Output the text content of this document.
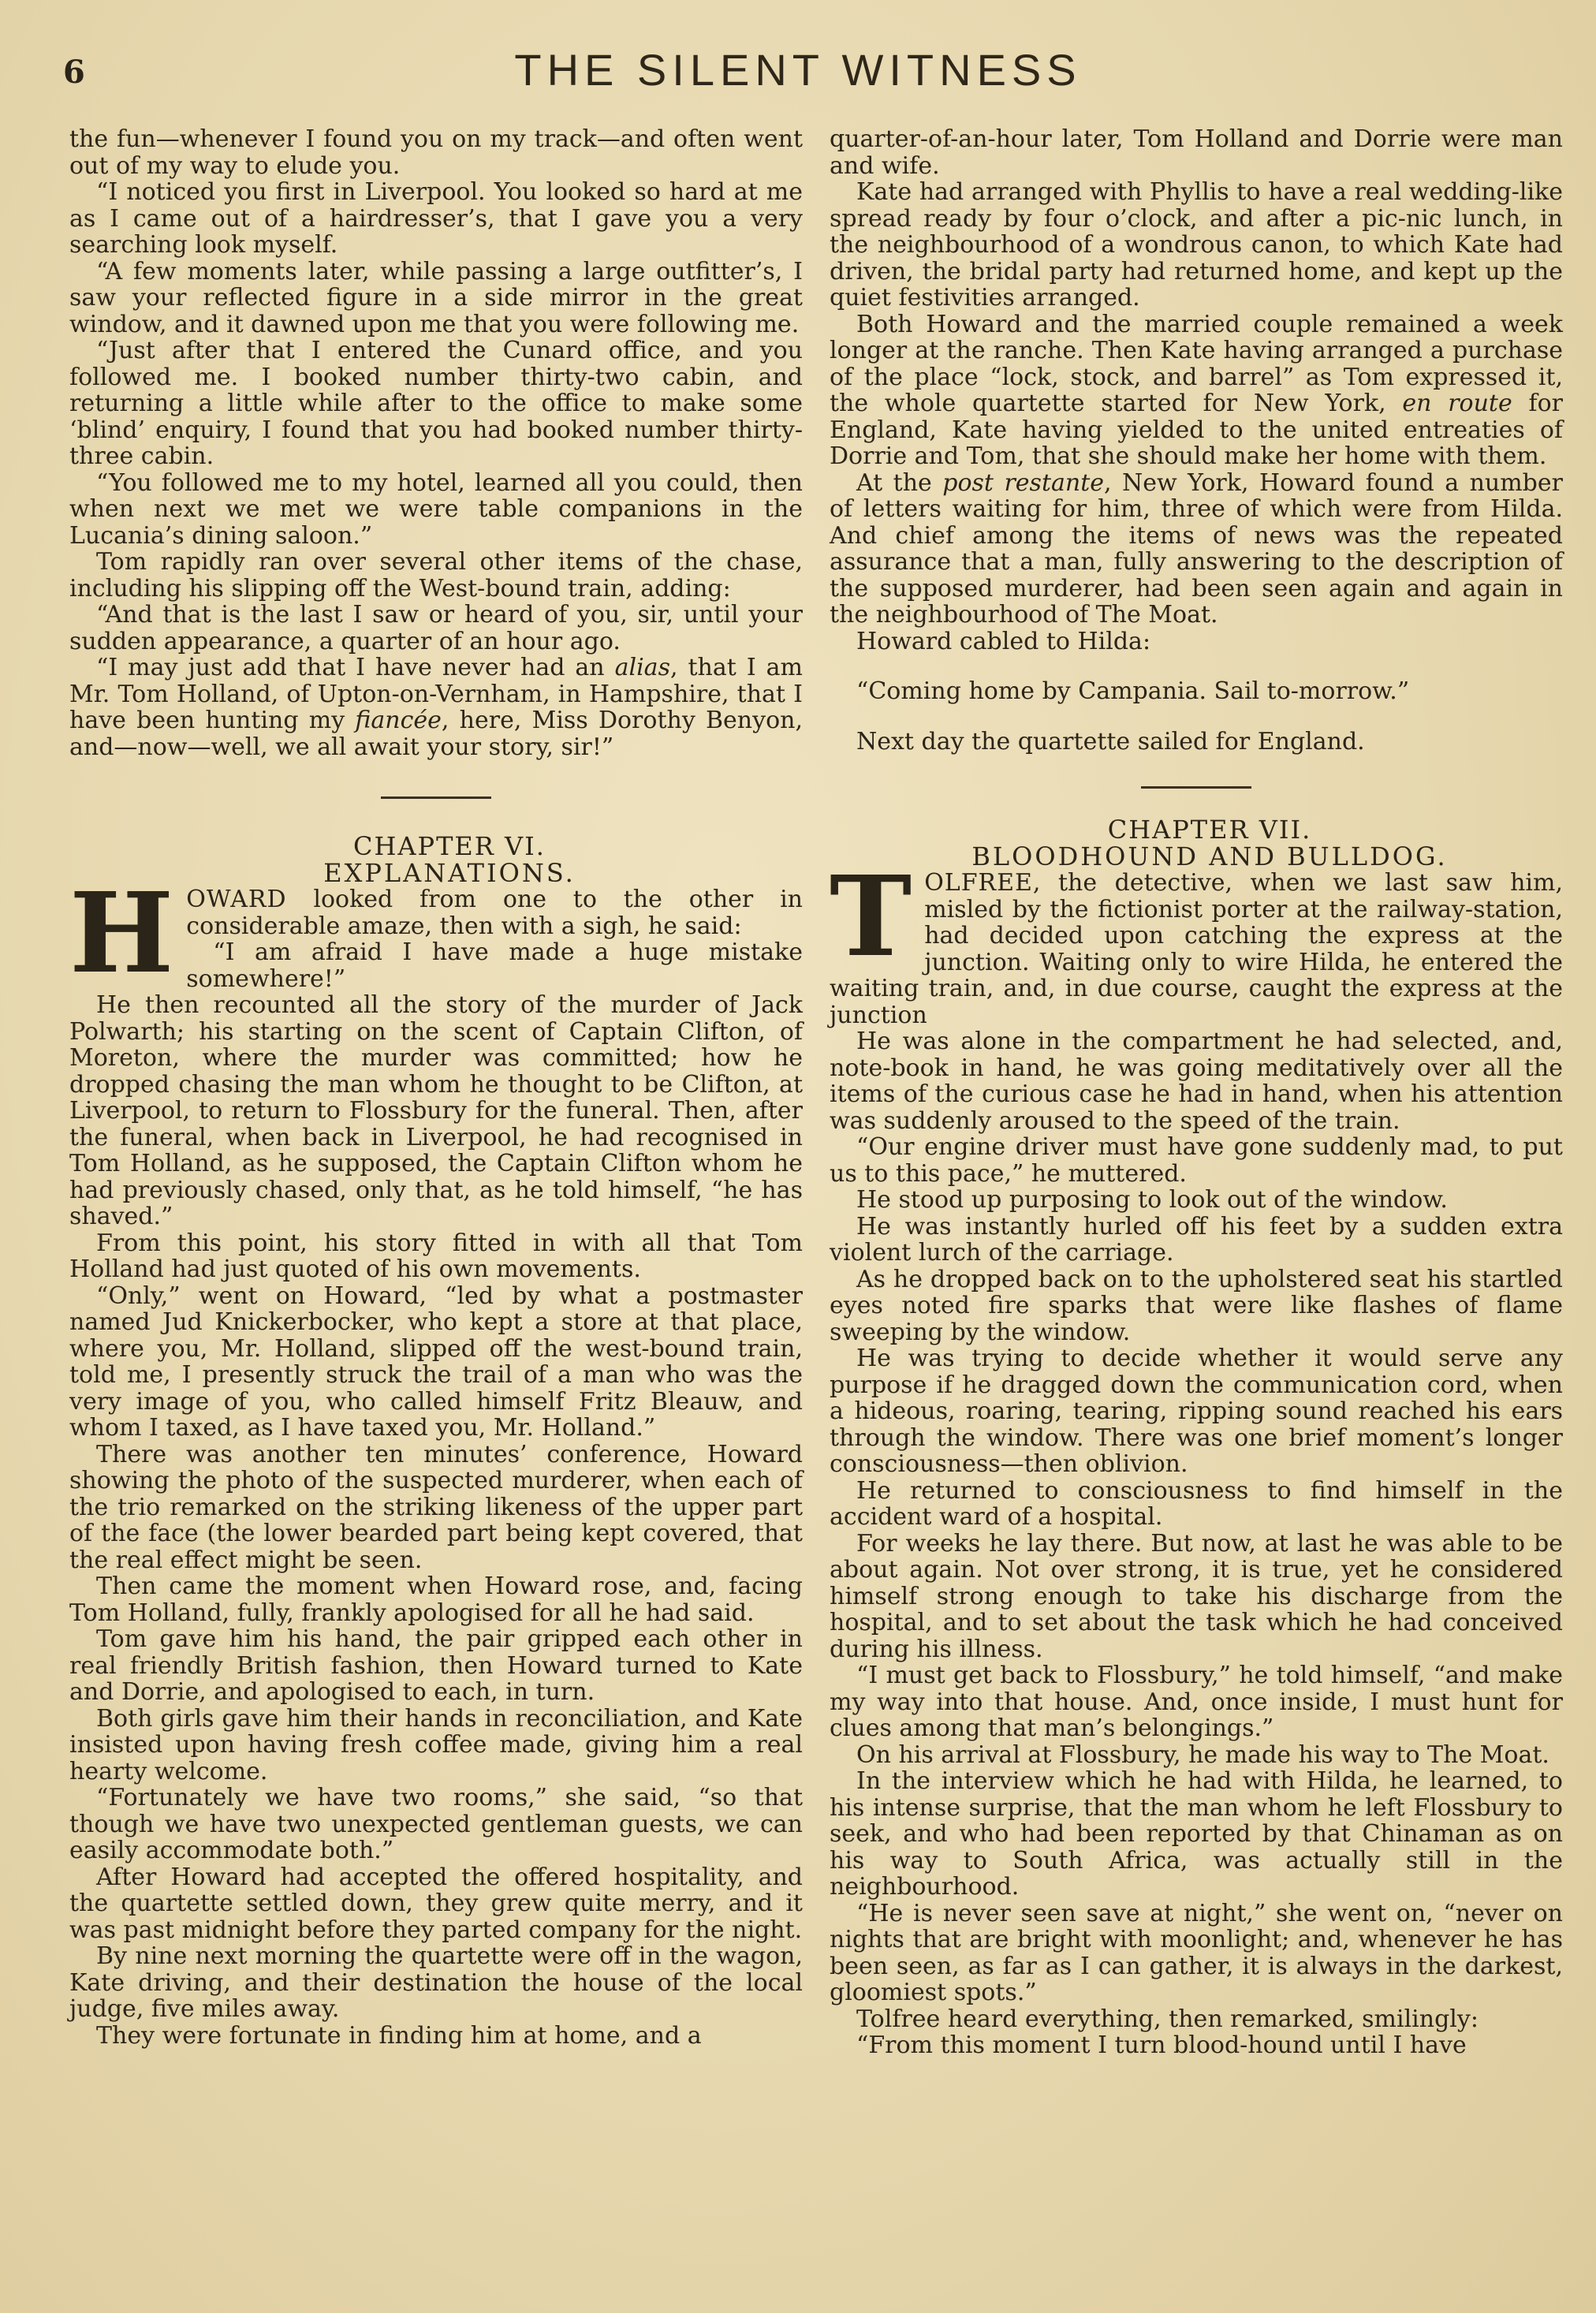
6	THE SILENT WITNESS

the fun—whenever I found you on my track—and often went out of my way to elude you.

“I noticed you first in Liverpool. You looked so hard at me as I came out of a hairdresser’s, that I gave you a very searching look myself.

“A few moments later, while passing a large outfitter’s, I saw your reflected figure in a side mirror in the great window, and it dawned upon me that you were following me.

“Just after that I entered the Cunard office, and you followed me. I booked number thirty-two cabin, and returning a little while after to the office to make some ‘blind’ enquiry, I found that you had booked number thirty-three cabin.

“You followed me to my hotel, learned all you could, then when next we met we were table companions in the Lucania’s dining saloon.”

Tom rapidly ran over several other items of the chase, including his slipping off the West-bound train, adding:

“And that is the last I saw or heard of you, sir, until your sudden appearance, a quarter of an hour ago.

“I may just add that I have never had an alias, that I am Mr. Tom Holland, of Upton-on-Vernham, in Hampshire, that I have been hunting my fiancée, here, Miss Dorothy Benyon, and—now—well, we all await your story, sir!”

CHAPTER VI.

EXPLANATIONS.

HOWARD looked from one to the other in considerable amaze, then with a sigh, he said:

“I am afraid I have made a huge mistake somewhere!”

He then recounted all the story of the murder of Jack Polwarth; his starting on the scent of Captain Clifton, of Moreton, where the murder was committed; how he dropped chasing the man whom he thought to be Clifton, at Liverpool, to return to Flossbury for the funeral. Then, after the funeral, when back in Liverpool, he had recognised in Tom Holland, as he supposed, the Captain Clifton whom he had previously chased, only that, as he told himself, “he has shaved.”

From this point, his story fitted in with all that Tom Holland had just quoted of his own movements.

“Only,” went on Howard, “led by what a postmaster named Jud Knickerbocker, who kept a store at that place, where you, Mr. Holland, slipped off the west-bound train, told me, I presently struck the trail of a man who was the very image of you, who called himself Fritz Bleauw, and whom I taxed, as I have taxed you, Mr. Holland.”

There was another ten minutes’ conference, Howard showing the photo of the suspected murderer, when each of the trio remarked on the striking likeness of the upper part of the face (the lower bearded part being kept covered, that the real effect might be seen.

Then came the moment when Howard rose, and, facing Tom Holland, fully, frankly apologised for all he had said.

Tom gave him his hand, the pair gripped each other in real friendly British fashion, then Howard turned to Kate and Dorrie, and apologised to each, in turn.

Both girls gave him their hands in reconciliation, and Kate insisted upon having fresh coffee made, giving him a real hearty welcome.

“Fortunately we have two rooms,” she said, “so that though we have two unexpected gentleman guests, we can easily accommodate both.”

After Howard had accepted the offered hospitality, and the quartette settled down, they grew quite merry, and it was past midnight before they parted company for the night.

By nine next morning the quartette were off in the wagon, Kate driving, and their destination the house of the local judge, five miles away.

They were fortunate in finding him at home, and a

quarter-of-an-hour later, Tom Holland and Dorrie were man and wife.

Kate had arranged with Phyllis to have a real wedding-like spread ready by four o’clock, and after a pic-nic lunch, in the neighbourhood of a wondrous canon, to which Kate had driven, the bridal party had returned home, and kept up the quiet festivities arranged.

Both Howard and the married couple remained a week longer at the ranche. Then Kate having arranged a purchase of the place “lock, stock, and barrel” as Tom expressed it, the whole quartette started for New York, en route for England, Kate having yielded to the united entreaties of Dorrie and Tom, that she should make her home with them.

At the post restante, New York, Howard found a number of letters waiting for him, three of which were from Hilda. And chief among the items of news was the repeated assurance that a man, fully answering to the description of the supposed murderer, had been seen again and again in the neighbourhood of The Moat.

Howard cabled to Hilda:

“Coming home by Campania. Sail to-morrow.”

Next day the quartette sailed for England.

CHAPTER VII.

BLOODHOUND AND BULLDOG.

TOLFREE, the detective, when we last saw him, misled by the fictionist porter at the railway-station, had decided upon catching the express at the junction. Waiting only to wire Hilda, he entered the waiting train, and, in due course, caught the express at the junction

He was alone in the compartment he had selected, and, note-book in hand, he was going meditatively over all the items of the curious case he had in hand, when his attention was suddenly aroused to the speed of the train.

“Our engine driver must have gone suddenly mad, to put us to this pace,” he muttered.

He stood up purposing to look out of the window.

He was instantly hurled off his feet by a sudden extra violent lurch of the carriage.

As he dropped back on to the upholstered seat his startled eyes noted fire sparks that were like flashes of flame sweeping by the window.

He was trying to decide whether it would serve any purpose if he dragged down the communication cord, when a hideous, roaring, tearing, ripping sound reached his ears through the window. There was one brief moment’s longer consciousness—then oblivion.

He returned to consciousness to find himself in the accident ward of a hospital.

For weeks he lay there. But now, at last he was able to be about again. Not over strong, it is true, yet he considered himself strong enough to take his discharge from the hospital, and to set about the task which he had conceived during his illness.

“I must get back to Flossbury,” he told himself, “and make my way into that house. And, once inside, I must hunt for clues among that man’s belongings.”

On his arrival at Flossbury, he made his way to The Moat.

In the interview which he had with Hilda, he learned, to his intense surprise, that the man whom he left Flossbury to seek, and who had been reported by that Chinaman as on his way to South Africa, was actually still in the neighbourhood.

“He is never seen save at night,” she went on, “never on nights that are bright with moonlight; and, whenever he has been seen, as far as I can gather, it is always in the darkest, gloomiest spots.”

Tolfree heard everything, then remarked, smilingly:

“From this moment I turn blood-hound until I have
